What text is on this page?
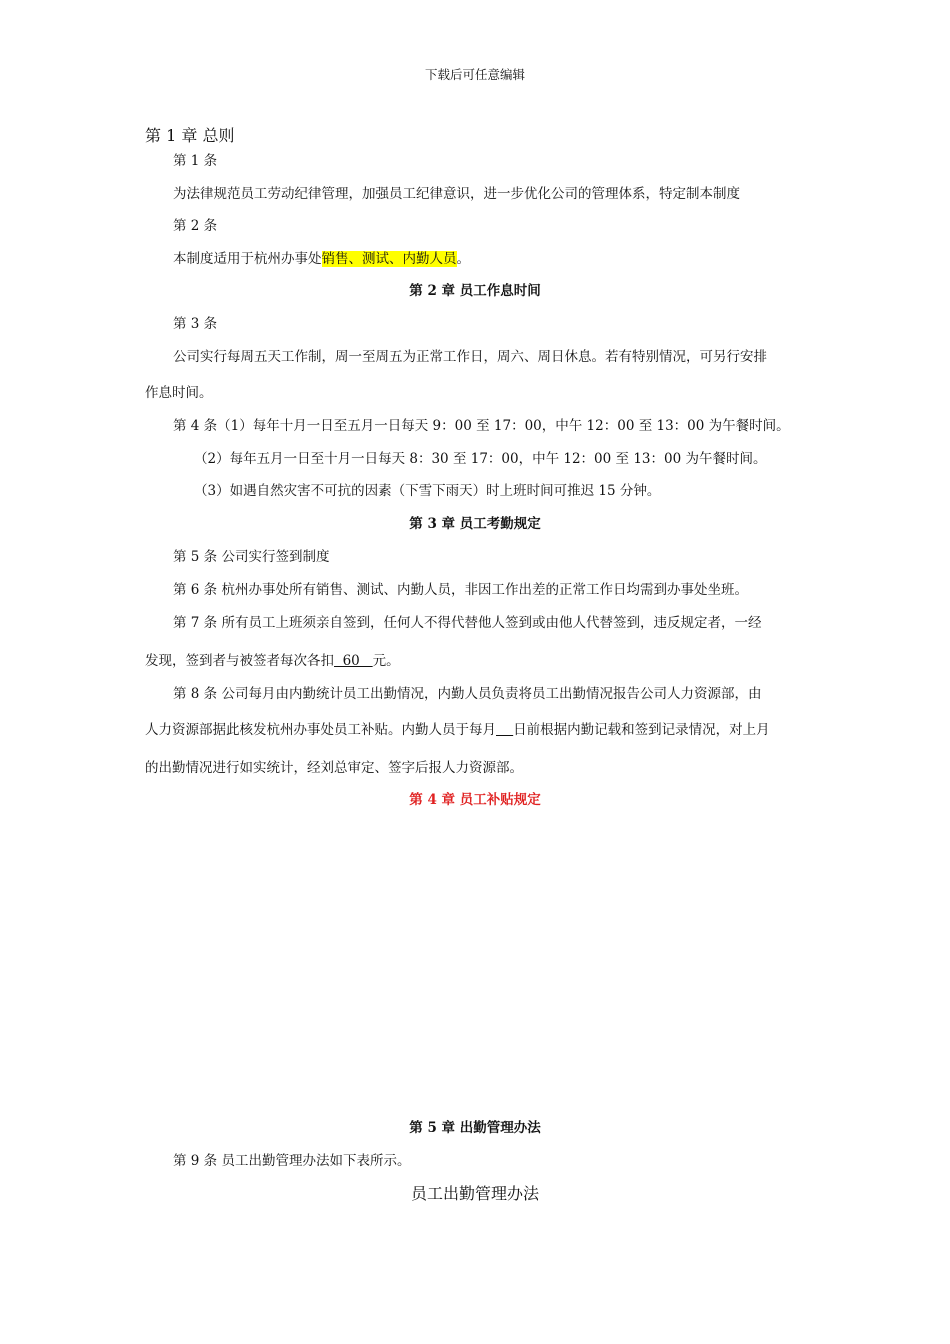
下载后可任意编辑
第 1 章 总则
第 1 条
为法律规范员工劳动纪律管理，加强员工纪律意识，进一步优化公司的管理体系，特定制本制度
第 2 条
本制度适用于杭州办事处销售、测试、内勤人员。
第 2 章 员工作息时间
第 3 条
公司实行每周五天工作制，周一至周五为正常工作日，周六、周日休息。若有特别情况，可另行安排
作息时间。
第 4 条（1）每年十月一日至五月一日每天 9：00 至 17：00，中午 12：00 至 13：00 为午餐时间。
（2）每年五月一日至十月一日每天 8：30 至 17：00，中午 12：00 至 13：00 为午餐时间。
（3）如遇自然灾害不可抗的因素（下雪下雨天）时上班时间可推迟 15 分钟。
第 3 章 员工考勤规定
第 5 条 公司实行签到制度
第 6 条 杭州办事处所有销售、测试、内勤人员，非因工作出差的正常工作日均需到办事处坐班。
第 7 条 所有员工上班须亲自签到，任何人不得代替他人签到或由他人代替签到，违反规定者，一经
发现，签到者与被签者每次各扣  60   元。
第 8 条 公司每月由内勤统计员工出勤情况，内勤人员负责将员工出勤情况报告公司人力资源部，由
人力资源部据此核发杭州办事处员工补贴。内勤人员于每月 日前根据内勤记载和签到记录情况，对上月
的出勤情况进行如实统计，经刘总审定、签字后报人力资源部。
第 4 章 员工补贴规定
第 5 章 出勤管理办法
第 9 条 员工出勤管理办法如下表所示。
员工出勤管理办法
